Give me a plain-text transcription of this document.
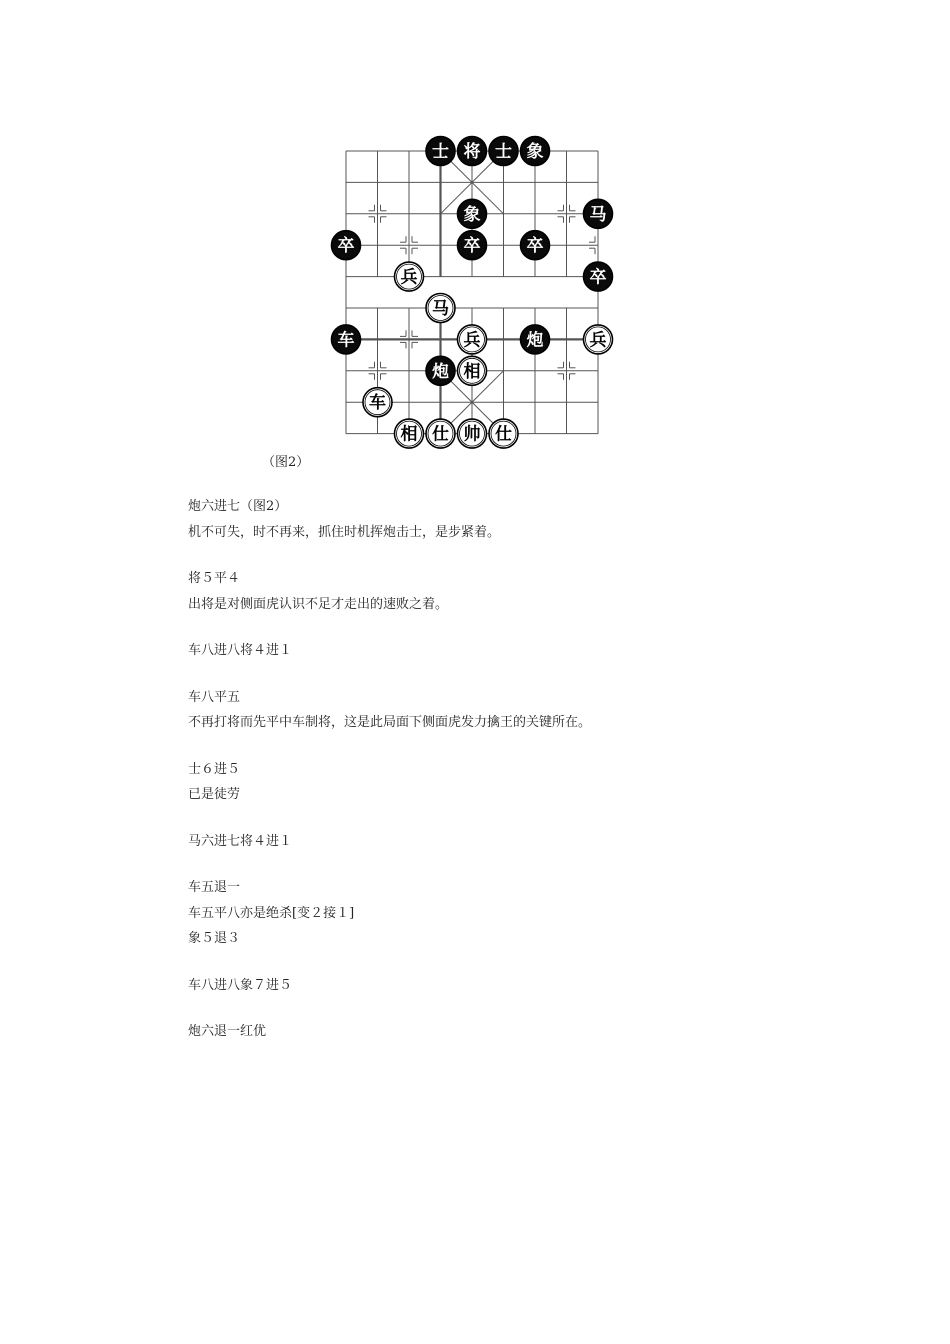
士 将 士 象
象	马
卒	卒	卒
兵	卒
马
车	兵	炮	兵
炮 相
车
相 仕 帅 仕
（图2）

炮六进七（图2）

机不可失，时不再来，抓住时机挥炮击士，是步紧着。

将５平４

出将是对侧面虎认识不足才走出的速败之着。

车八进八将４进１

车八平五

不再打将而先平中车制将，这是此局面下侧面虎发力擒王的关键所在。

士６进５

已是徒劳

马六进七将４进１

车五退一

车五平八亦是绝杀[变２接１]

象５退３

车八进八象７进５

炮六退一红优
